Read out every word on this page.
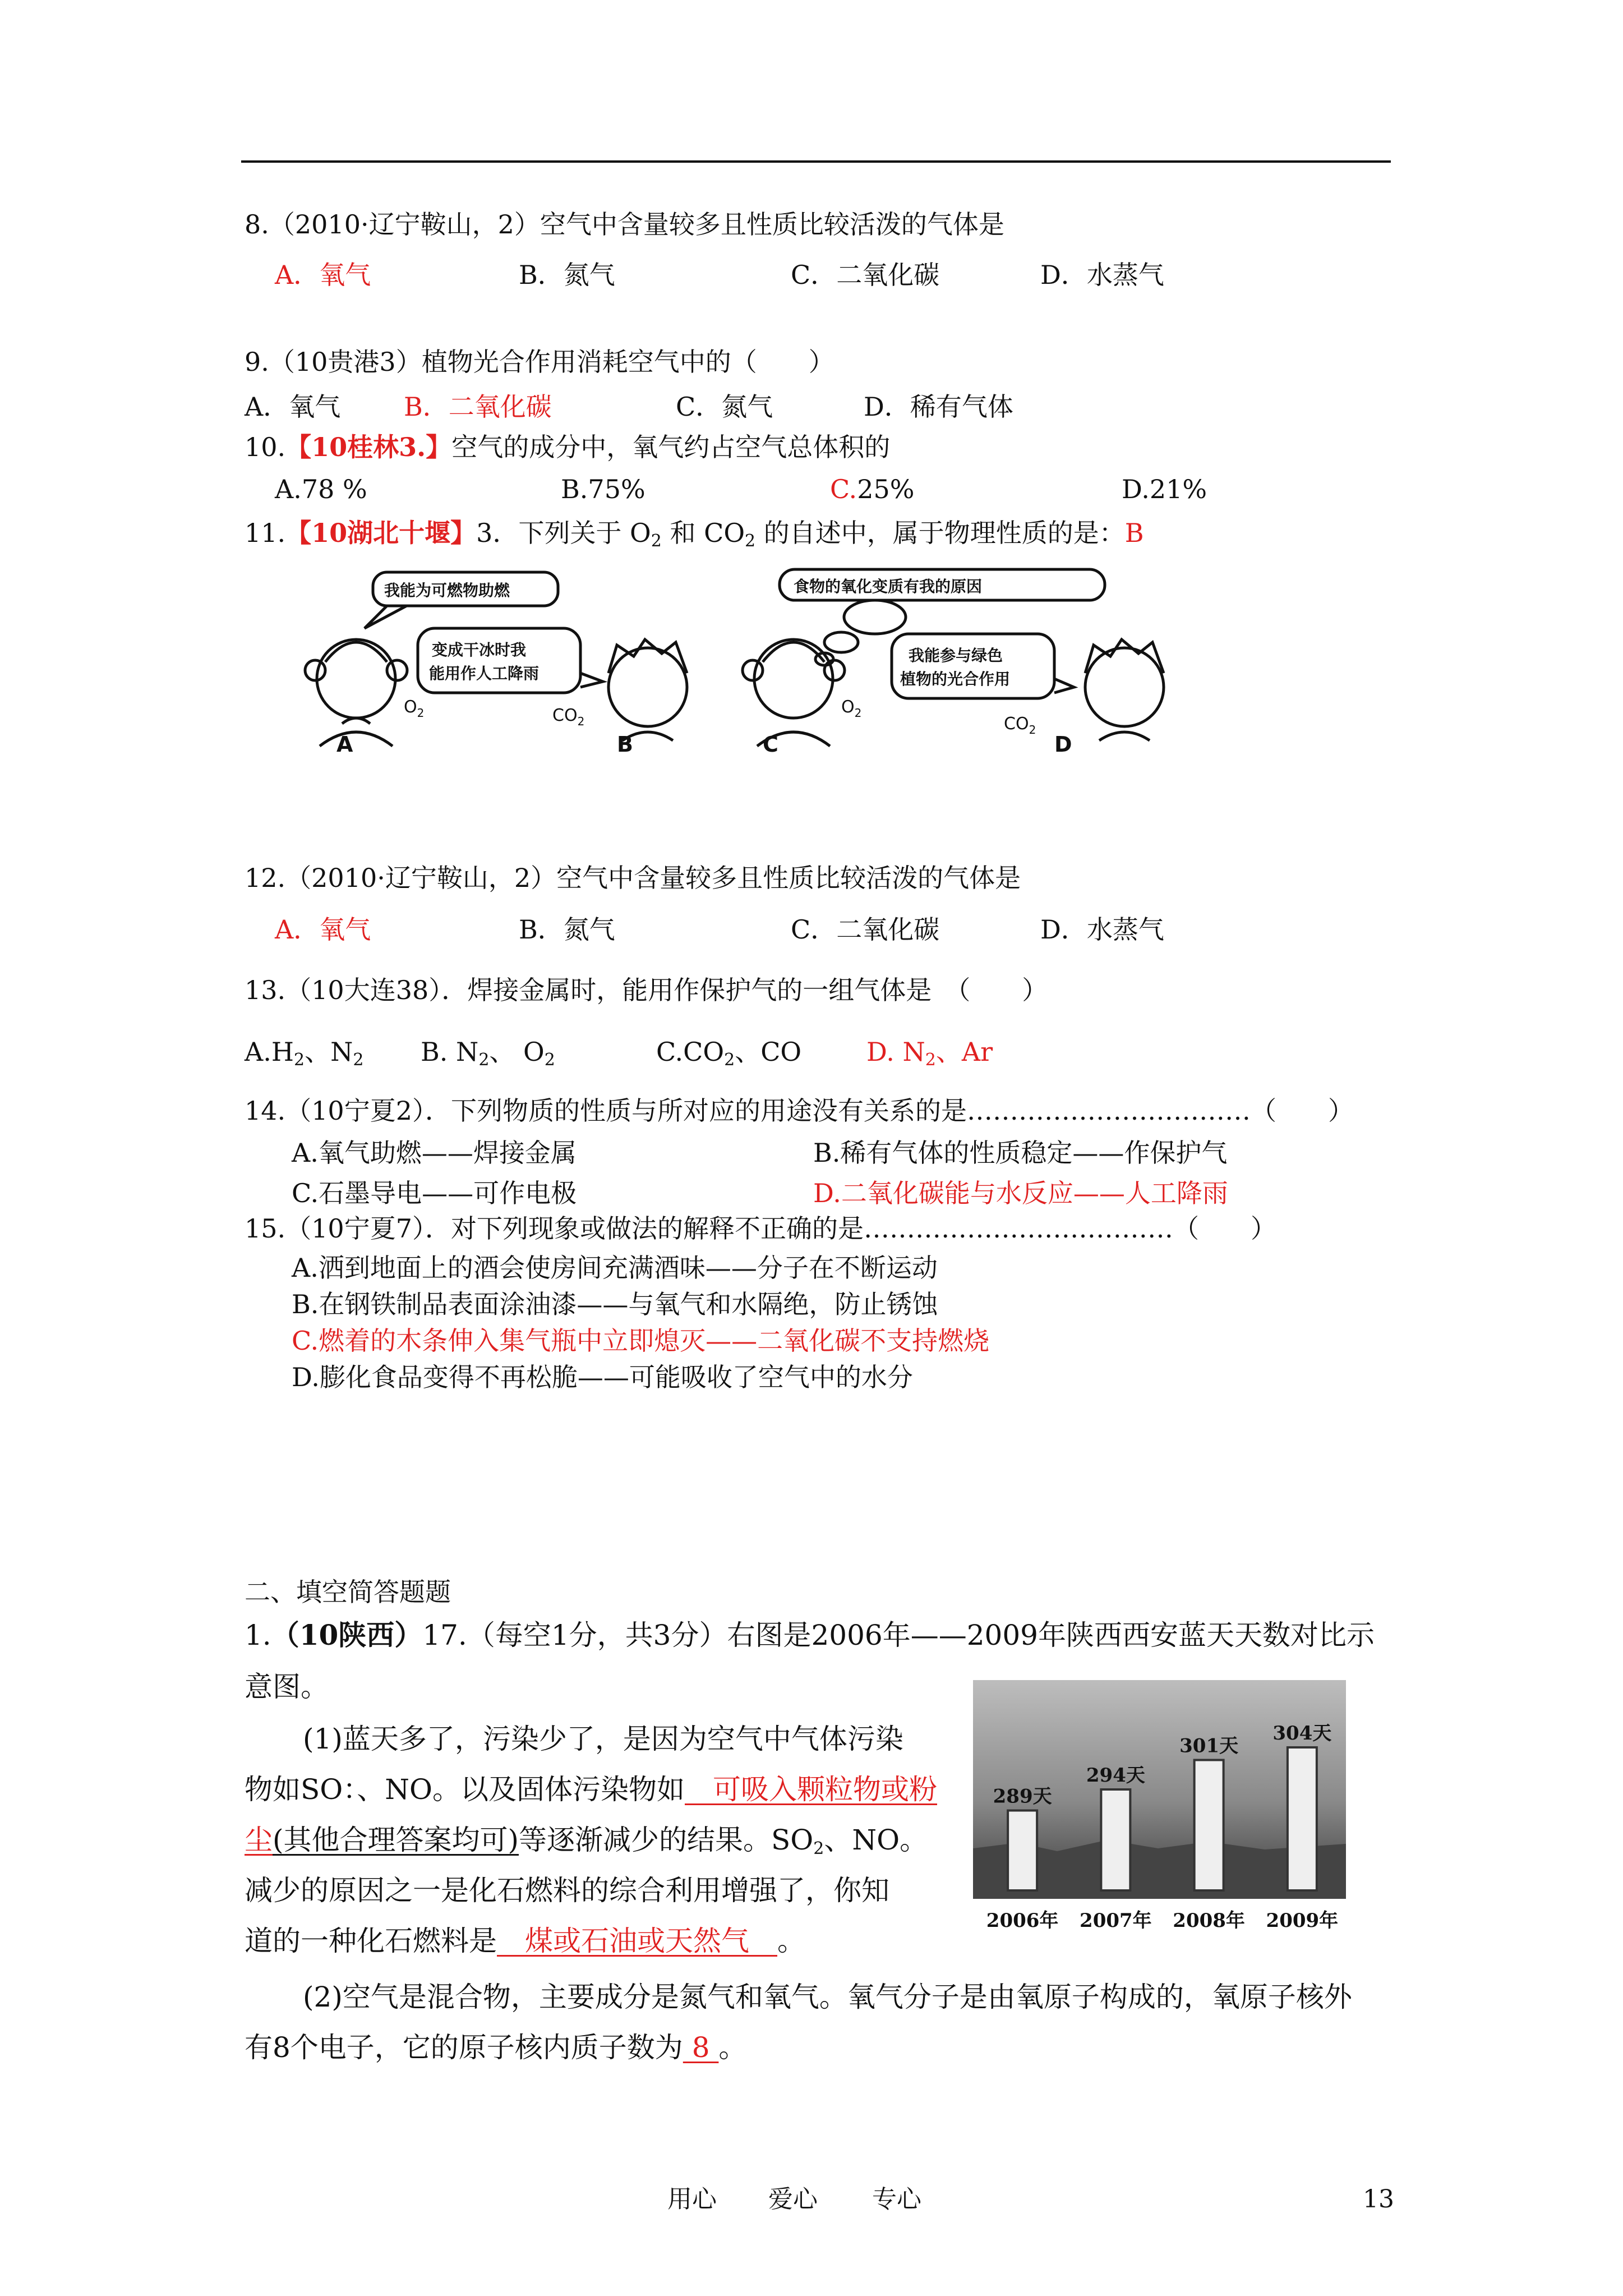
8.（2010·辽宁鞍山，2）空气中含量较多且性质比较活泼的气体是
A．氧气	B．氮气	C．二氧化碳	D．水蒸气
9.（10贵港3）植物光合作用消耗空气中的（　　）
A．氧气 B．二氧化碳	C．氮气	D．稀有气体
10.【10桂林3.】空气的成分中，氧气约占空气总体积的
A.78 %	B.75%	C.25%	D.21%
11.【10湖北十堰】3．下列关于 $O_2$ 和 $CO_2$ 的自述中，属于物理性质的是：B
我能为可燃物助燃
变成干冰时我
能用作人工降雨
食物的氧化变质有我的原因
我能参与绿色
植物的光合作用
$O_2$	$CO_2$
$O_2$
$CO_2$
A	B	C	D
12.（2010·辽宁鞍山，2）空气中含量较多且性质比较活泼的气体是
A．氧气	B．氮气	C．二氧化碳	D．水蒸气
13.（10大连38）．焊接金属时，能用作保护气的一组气体是　（　　）
$A.H_2$、$N_2$ B. $N_2$、 $O_2$	$C.CO_2$、CO	D. $N_2$、Ar
14.（10宁夏2）．下列物质的性质与所对应的用途没有关系的是……………………………（　　）
A.氧气助燃——焊接金属	B.稀有气体的性质稳定——作保护气
C.石墨导电——可作电极	D.二氧化碳能与水反应——人工降雨
15.（10宁夏7）．对下列现象或做法的解释不正确的是………………………………（　　）
A.洒到地面上的酒会使房间充满酒味——分子在不断运动
B.在钢铁制品表面涂油漆——与氧气和水隔绝，防止锈蚀
C.燃着的木条伸入集气瓶中立即熄灭——二氧化碳不支持燃烧
D.膨化食品变得不再松脆——可能吸收了空气中的水分
二、填空简答题题
1.（10陕西）17.（每空1分，共3分）右图是2006年——2009年陕西西安蓝天天数对比示
意图。
(1)蓝天多了，污染少了，是因为空气中气体污染
物如SO：、NO。以及固体污染物如　可吸入颗粒物或粉
尘(其他合理答案均可)等逐渐减少的结果。$SO_2$、NO。
减少的原因之一是化石燃料的综合利用增强了，你知
道的一种化石燃料是　煤或石油或天然气　。
(2)空气是混合物，主要成分是氮气和氧气。氧气分子是由氧原子构成的，氧原子核外
有8个电子，它的原子核内质子数为 8 。
289天
294天
301天
304天
2006年 2007年 2008年 2009年
用心 爱心 专心	13
